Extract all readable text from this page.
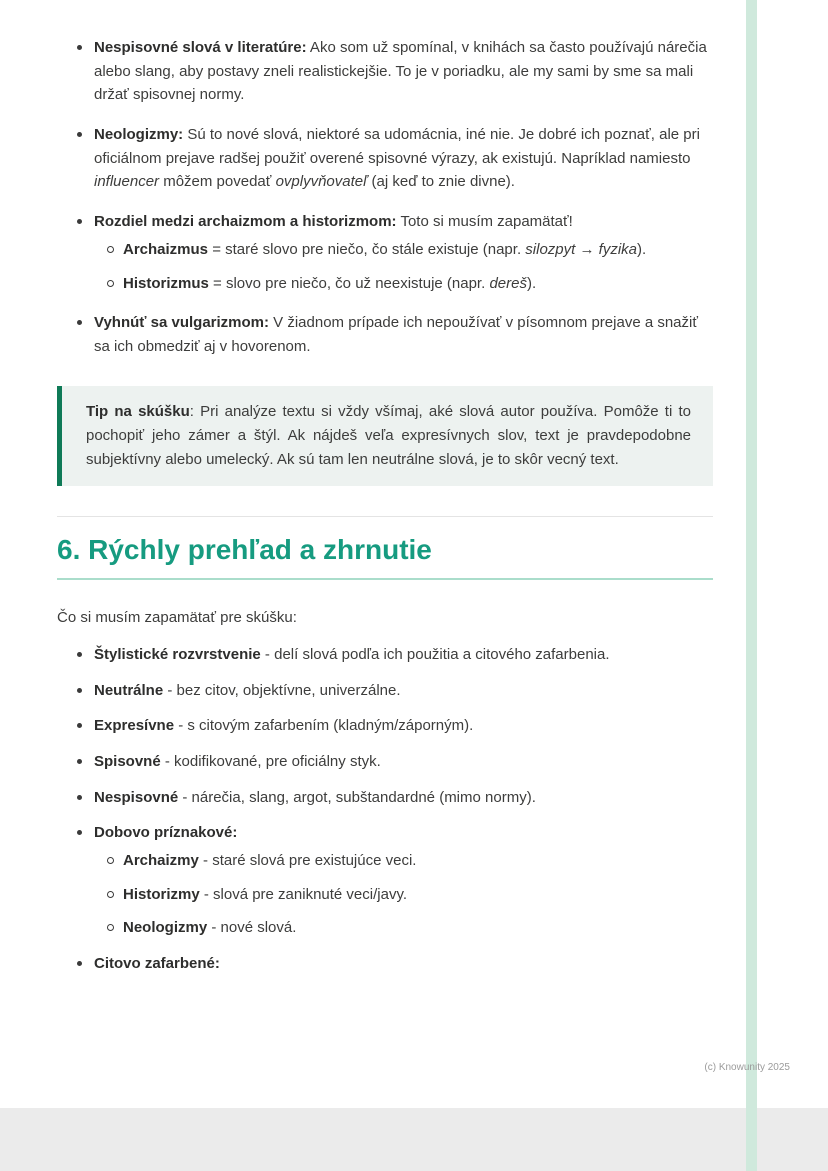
Nespisovné slová v literatúre: Ako som už spomínal, v knihách sa často používajú nárečia alebo slang, aby postavy zneli realistickejšie. To je v poriadku, ale my sami by sme sa mali držať spisovnej normy.
Neologizmy: Sú to nové slová, niektoré sa udomácnia, iné nie. Je dobré ich poznať, ale pri oficiálnom prejave radšej použiť overené spisovné výrazy, ak existujú. Napríklad namiesto influencer môžem povedať ovplyvňovateľ (aj keď to znie divne).
Rozdiel medzi archaizmom a historizmom: Toto si musím zapamätať!
Archaizmus = staré slovo pre niečo, čo stále existuje (napr. silozpyt → fyzika).
Historizmus = slovo pre niečo, čo už neexistuje (napr. dereš).
Vyhnúť sa vulgarizmom: V žiadnom prípade ich nepoužívať v písomnom prejave a snažiť sa ich obmedziť aj v hovorenom.

Tip na skúšku: Pri analýze textu si vždy všímaj, aké slová autor používa. Pomôže ti to pochopiť jeho zámer a štýl. Ak nájdeš veľa expresívnych slov, text je pravdepodobne subjektívny alebo umelecký. Ak sú tam len neutrálne slová, je to skôr vecný text.

6. Rýchly prehľad a zhrnutie

Čo si musím zapamätať pre skúšku:

Štylistické rozvrstvenie - delí slová podľa ich použitia a citového zafarbenia.
Neutrálne - bez citov, objektívne, univerzálne.
Expresívne - s citovým zafarbením (kladným/záporným).
Spisovné - kodifikované, pre oficiálny styk.
Nespisovné - nárečia, slang, argot, subštandardné (mimo normy).
Dobovo príznakové:
Archaizmy - staré slová pre existujúce veci.
Historizmy - slová pre zaniknuté veci/javy.
Neologizmy - nové slová.
Citovo zafarbené:
(c) Knowunity 2025
